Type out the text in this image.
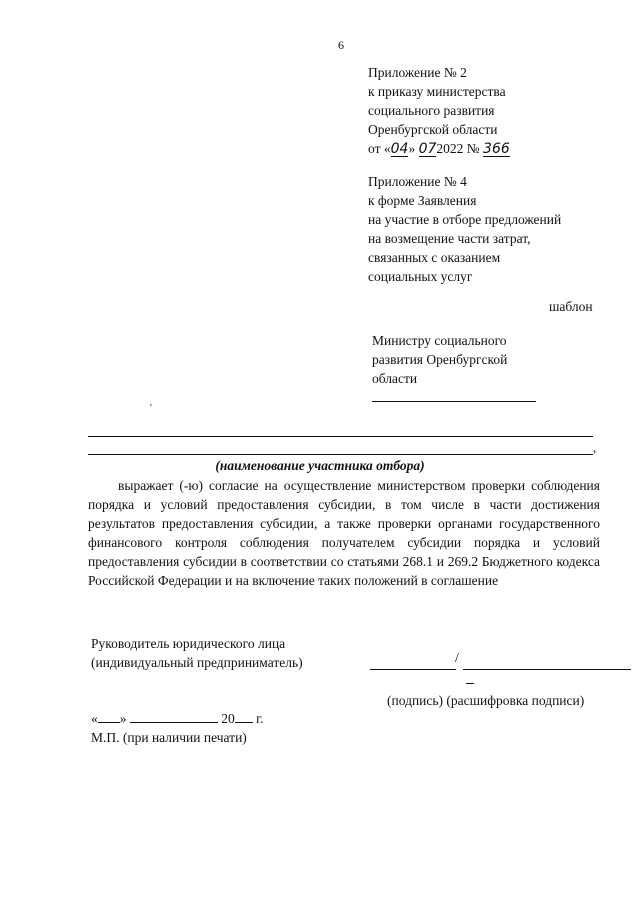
6
Приложение № 2
к приказу министерства
социального развития
Оренбургской области
от «04» 072022 № 366
Приложение № 4
к форме Заявления
на участие в отборе предложений
на возмещение части затрат,
связанных с оказанием
социальных услуг
шаблон
Министру социального
развития Оренбургской
области
'
,
(наименование участника отбора)
выражает (-ю) согласие на осуществление министерством проверки соблюдения порядка и условий предоставления субсидии, в том числе в части достижения результатов предоставления субсидии, а также проверки органами государственного финансового контроля соблюдения получателем субсидии порядка и условий предоставления субсидии в соответствии со статьями 268.1 и 269.2 Бюджетного кодекса Российской Федерации и на включение таких положений в соглашение
Руководитель юридического лица
(индивидуальный предприниматель)	/
(подпись) (расшифровка подписи)
« »	20 г.
М.П. (при наличии печати)
